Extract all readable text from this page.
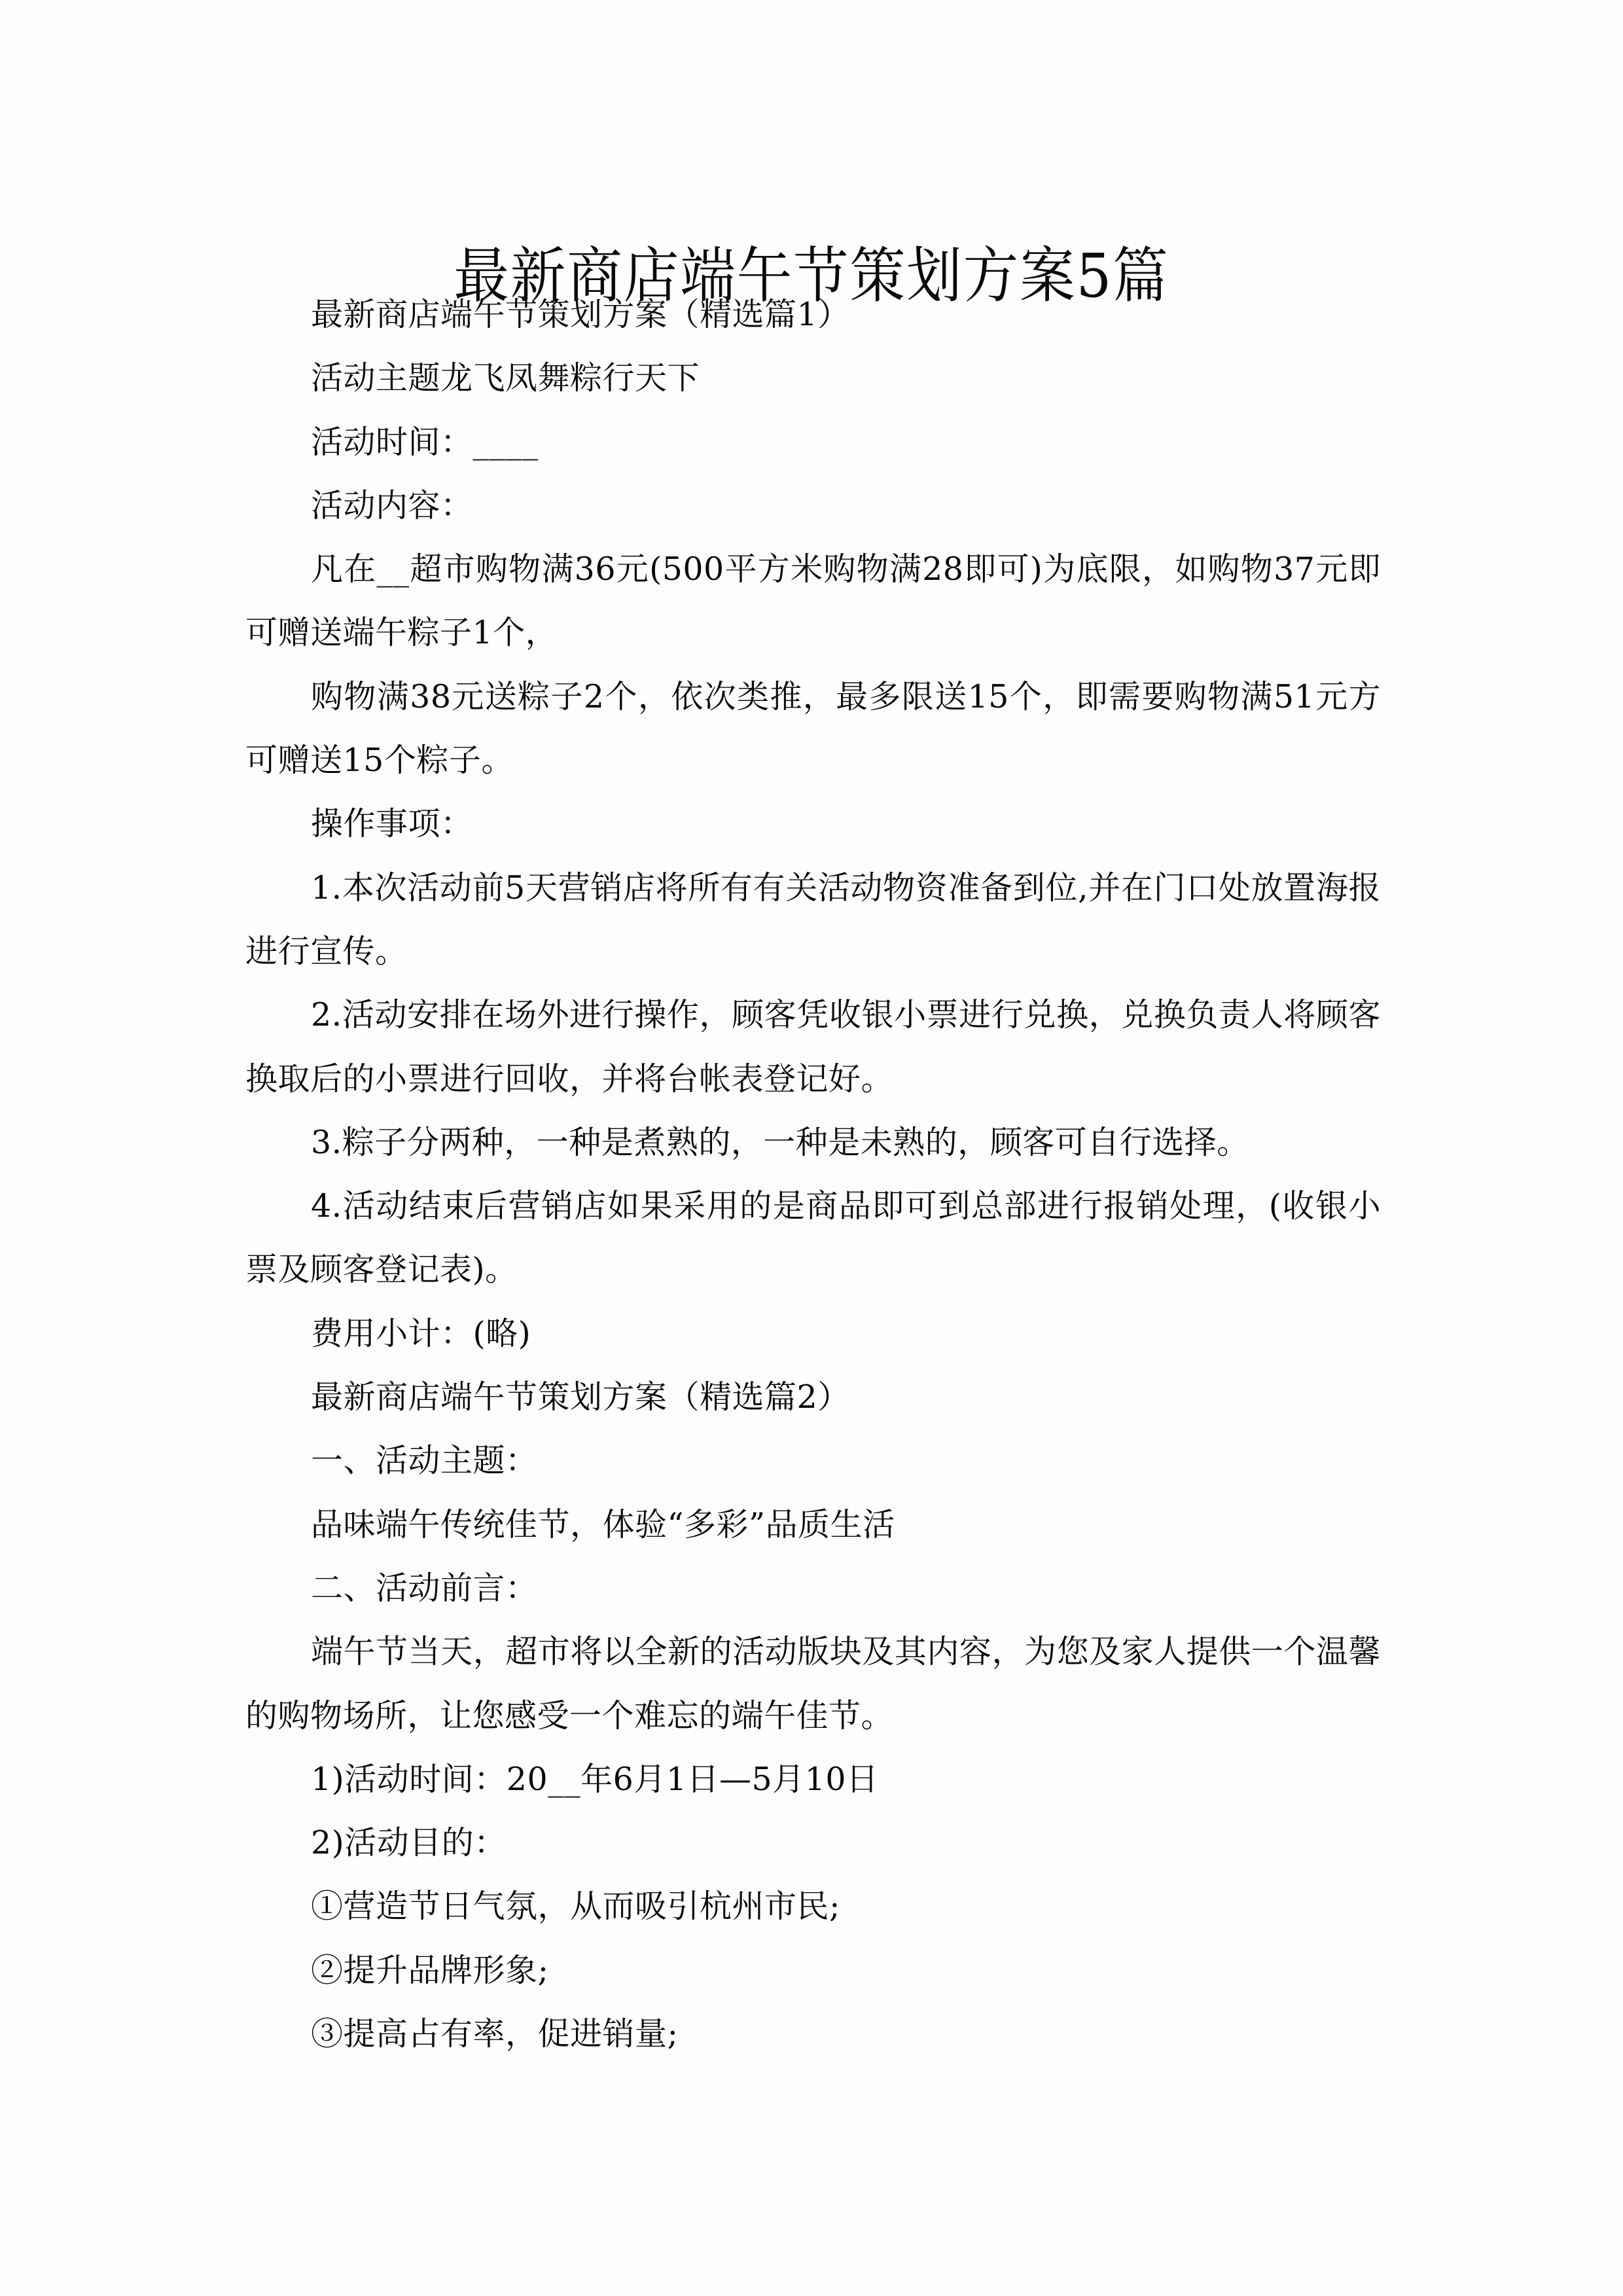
最新商店端午节策划方案5篇

最新商店端午节策划方案（精选篇1）

活动主题龙飞凤舞粽行天下

活动时间：____

活动内容：

凡在__超市购物满36元(500平方米购物满28即可)为底限，如购物37元即可赠送端午粽子1个，

购物满38元送粽子2个，依次类推，最多限送15个，即需要购物满51元方可赠送15个粽子。

操作事项：

1.本次活动前5天营销店将所有有关活动物资准备到位,并在门口处放置海报进行宣传。

2.活动安排在场外进行操作，顾客凭收银小票进行兑换，兑换负责人将顾客换取后的小票进行回收，并将台帐表登记好。

3.粽子分两种，一种是煮熟的，一种是未熟的，顾客可自行选择。

4.活动结束后营销店如果采用的是商品即可到总部进行报销处理，(收银小票及顾客登记表)。

费用小计：(略)

最新商店端午节策划方案（精选篇2）

一、活动主题：

品味端午传统佳节，体验“多彩”品质生活

二、活动前言：

端午节当天，超市将以全新的活动版块及其内容，为您及家人提供一个温馨的购物场所，让您感受一个难忘的端午佳节。

1)活动时间：20__年6月1日—5月10日

2)活动目的：

①营造节日气氛，从而吸引杭州市民;

②提升品牌形象;

③提高占有率，促进销量;
